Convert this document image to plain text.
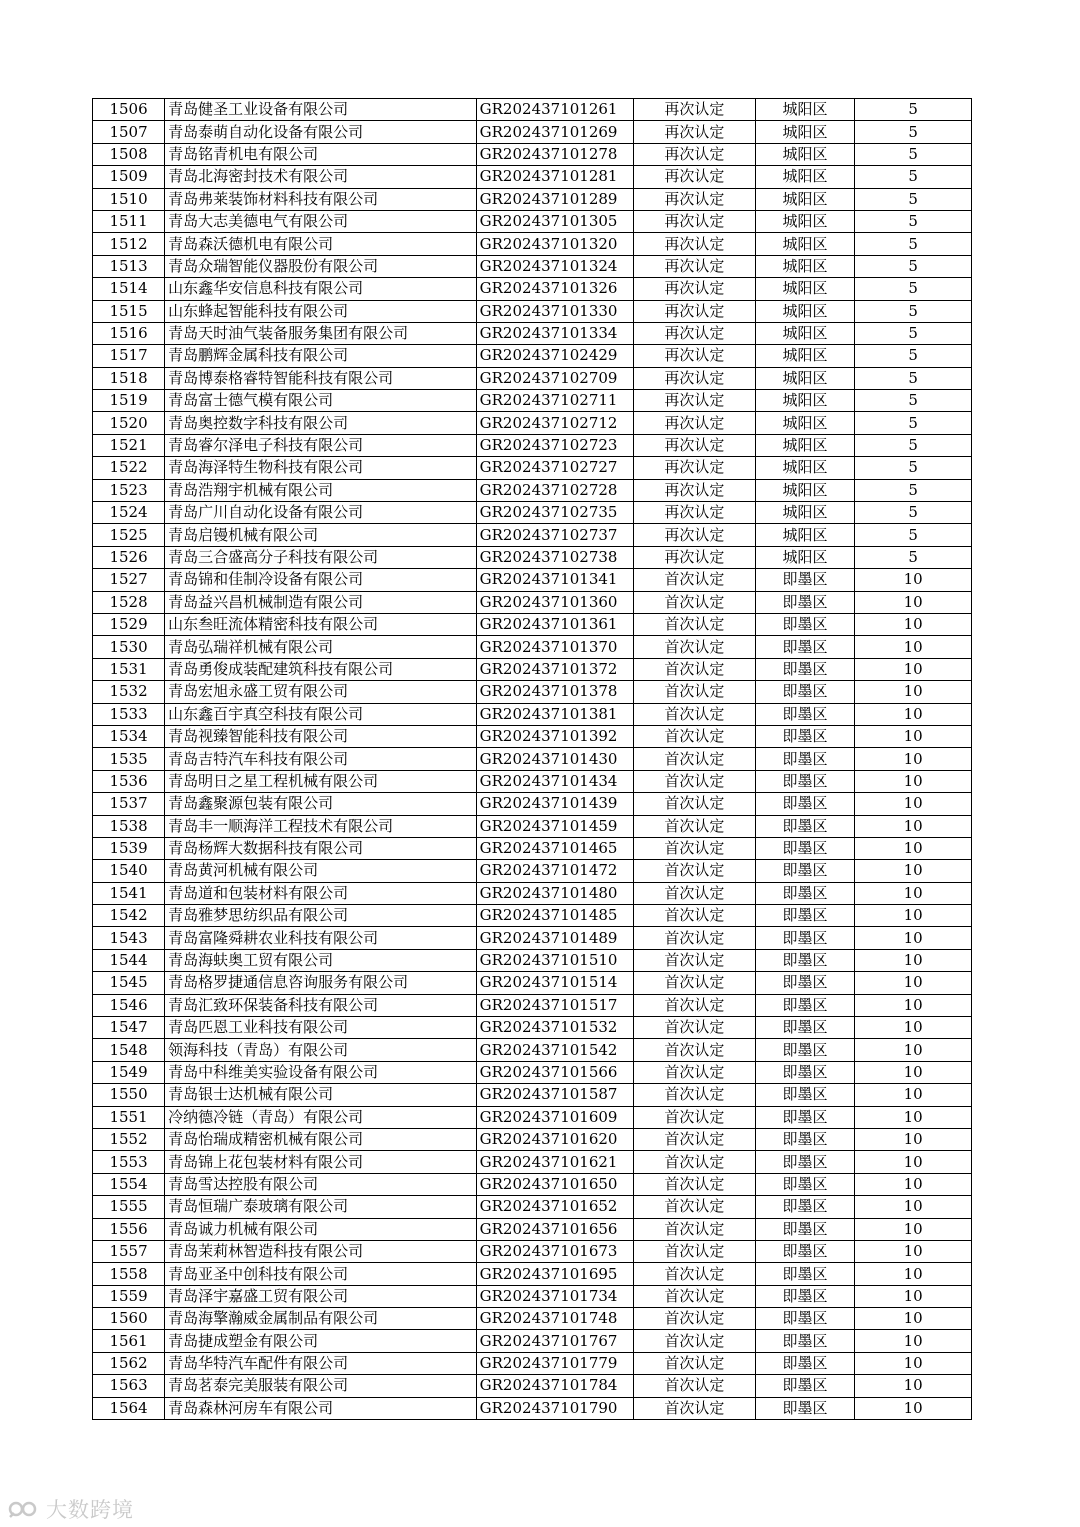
1506	青岛健圣工业设备有限公司	GR202437101261	再次认定	城阳区	5
1507	青岛泰萌自动化设备有限公司	GR202437101269	再次认定	城阳区	5
1508	青岛铭青机电有限公司	GR202437101278	再次认定	城阳区	5
1509	青岛北海密封技术有限公司	GR202437101281	再次认定	城阳区	5
1510	青岛弗莱装饰材料科技有限公司	GR202437101289	再次认定	城阳区	5
1511	青岛大志美德电气有限公司	GR202437101305	再次认定	城阳区	5
1512	青岛森沃德机电有限公司	GR202437101320	再次认定	城阳区	5
1513	青岛众瑞智能仪器股份有限公司	GR202437101324	再次认定	城阳区	5
1514	山东鑫华安信息科技有限公司	GR202437101326	再次认定	城阳区	5
1515	山东蜂起智能科技有限公司	GR202437101330	再次认定	城阳区	5
1516	青岛天时油气装备服务集团有限公司	GR202437101334	再次认定	城阳区	5
1517	青岛鹏辉金属科技有限公司	GR202437102429	再次认定	城阳区	5
1518	青岛博泰格睿特智能科技有限公司	GR202437102709	再次认定	城阳区	5
1519	青岛富士德气模有限公司	GR202437102711	再次认定	城阳区	5
1520	青岛奥控数字科技有限公司	GR202437102712	再次认定	城阳区	5
1521	青岛睿尔泽电子科技有限公司	GR202437102723	再次认定	城阳区	5
1522	青岛海泽特生物科技有限公司	GR202437102727	再次认定	城阳区	5
1523	青岛浩翔宇机械有限公司	GR202437102728	再次认定	城阳区	5
1524	青岛广川自动化设备有限公司	GR202437102735	再次认定	城阳区	5
1525	青岛启镘机械有限公司	GR202437102737	再次认定	城阳区	5
1526	青岛三合盛高分子科技有限公司	GR202437102738	再次认定	城阳区	5
1527	青岛锦和佳制冷设备有限公司	GR202437101341	首次认定	即墨区	10
1528	青岛益兴昌机械制造有限公司	GR202437101360	首次认定	即墨区	10
1529	山东叁旺流体精密科技有限公司	GR202437101361	首次认定	即墨区	10
1530	青岛弘瑞祥机械有限公司	GR202437101370	首次认定	即墨区	10
1531	青岛勇俊成装配建筑科技有限公司	GR202437101372	首次认定	即墨区	10
1532	青岛宏旭永盛工贸有限公司	GR202437101378	首次认定	即墨区	10
1533	山东鑫百宇真空科技有限公司	GR202437101381	首次认定	即墨区	10
1534	青岛视臻智能科技有限公司	GR202437101392	首次认定	即墨区	10
1535	青岛吉特汽车科技有限公司	GR202437101430	首次认定	即墨区	10
1536	青岛明日之星工程机械有限公司	GR202437101434	首次认定	即墨区	10
1537	青岛鑫聚源包装有限公司	GR202437101439	首次认定	即墨区	10
1538	青岛丰一顺海洋工程技术有限公司	GR202437101459	首次认定	即墨区	10
1539	青岛杨辉大数据科技有限公司	GR202437101465	首次认定	即墨区	10
1540	青岛黄河机械有限公司	GR202437101472	首次认定	即墨区	10
1541	青岛道和包装材料有限公司	GR202437101480	首次认定	即墨区	10
1542	青岛雅梦思纺织品有限公司	GR202437101485	首次认定	即墨区	10
1543	青岛富隆舜耕农业科技有限公司	GR202437101489	首次认定	即墨区	10
1544	青岛海蚨奥工贸有限公司	GR202437101510	首次认定	即墨区	10
1545	青岛格罗捷通信息咨询服务有限公司	GR202437101514	首次认定	即墨区	10
1546	青岛汇致环保装备科技有限公司	GR202437101517	首次认定	即墨区	10
1547	青岛匹恩工业科技有限公司	GR202437101532	首次认定	即墨区	10
1548	领海科技（青岛）有限公司	GR202437101542	首次认定	即墨区	10
1549	青岛中科维美实验设备有限公司	GR202437101566	首次认定	即墨区	10
1550	青岛银士达机械有限公司	GR202437101587	首次认定	即墨区	10
1551	冷纳德冷链（青岛）有限公司	GR202437101609	首次认定	即墨区	10
1552	青岛怡瑞成精密机械有限公司	GR202437101620	首次认定	即墨区	10
1553	青岛锦上花包装材料有限公司	GR202437101621	首次认定	即墨区	10
1554	青岛雪达控股有限公司	GR202437101650	首次认定	即墨区	10
1555	青岛恒瑞广泰玻璃有限公司	GR202437101652	首次认定	即墨区	10
1556	青岛诚力机械有限公司	GR202437101656	首次认定	即墨区	10
1557	青岛茉莉林智造科技有限公司	GR202437101673	首次认定	即墨区	10
1558	青岛亚圣中创科技有限公司	GR202437101695	首次认定	即墨区	10
1559	青岛泽宇嘉盛工贸有限公司	GR202437101734	首次认定	即墨区	10
1560	青岛海擎瀚威金属制品有限公司	GR202437101748	首次认定	即墨区	10
1561	青岛捷成塑金有限公司	GR202437101767	首次认定	即墨区	10
1562	青岛华特汽车配件有限公司	GR202437101779	首次认定	即墨区	10
1563	青岛茗泰完美服装有限公司	GR202437101784	首次认定	即墨区	10
1564	青岛森林河房车有限公司	GR202437101790	首次认定	即墨区	10
大数跨境
